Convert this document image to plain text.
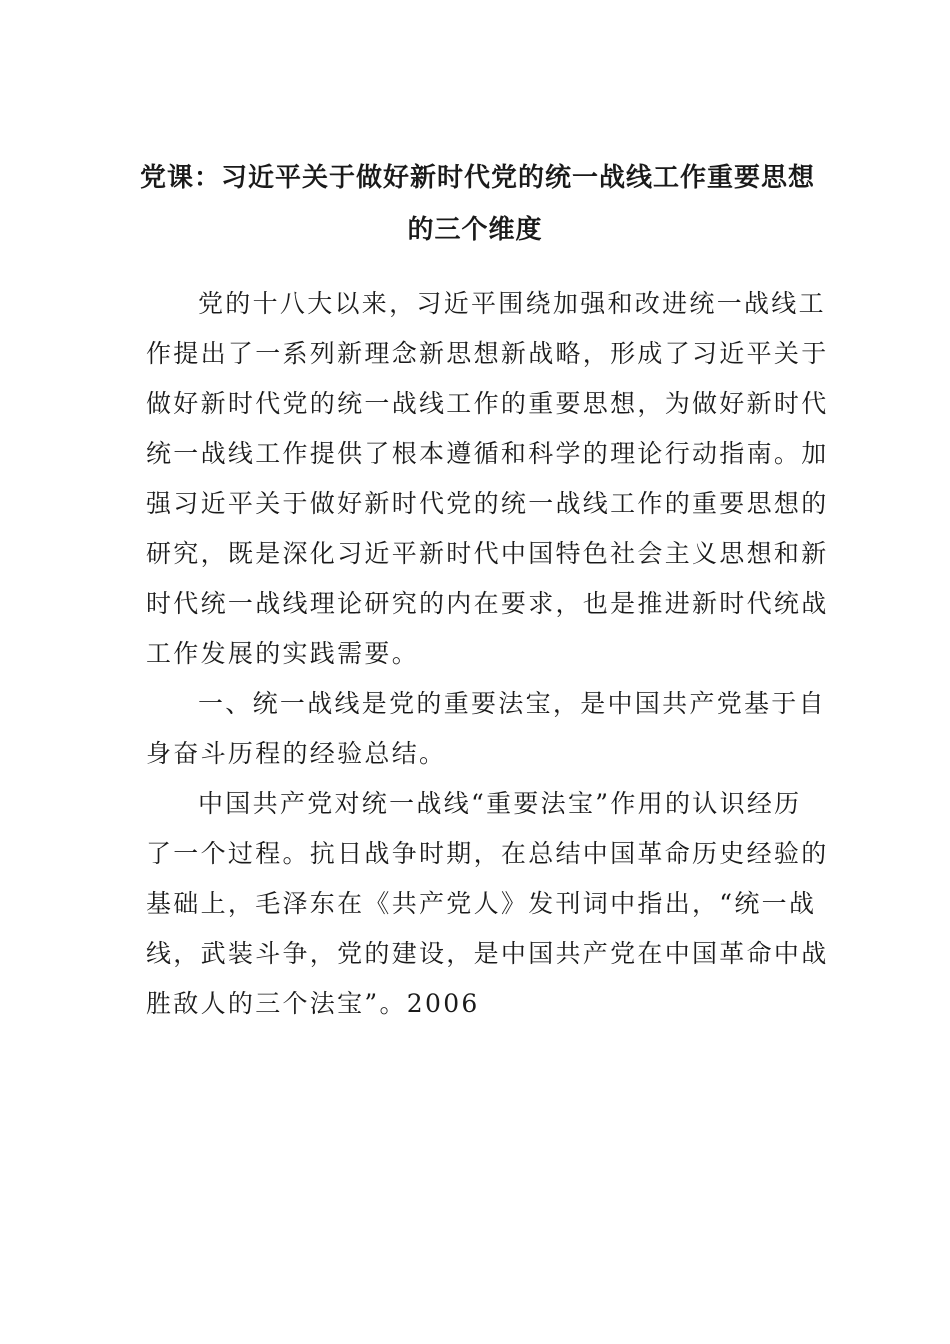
党课：习近平关于做好新时代党的统一战线工作重要思想
的三个维度
党的十八大以来，习近平围绕加强和改进统一战线工
作提出了一系列新理念新思想新战略，形成了习近平关于
做好新时代党的统一战线工作的重要思想，为做好新时代
统一战线工作提供了根本遵循和科学的理论行动指南。加
强习近平关于做好新时代党的统一战线工作的重要思想的
研究，既是深化习近平新时代中国特色社会主义思想和新
时代统一战线理论研究的内在要求，也是推进新时代统战
工作发展的实践需要。
一、统一战线是党的重要法宝，是中国共产党基于自
身奋斗历程的经验总结。
中国共产党对统一战线“重要法宝”作用的认识经历
了一个过程。抗日战争时期，在总结中国革命历史经验的
基础上，毛泽东在《共产党人》发刊词中指出，“统一战
线，武装斗争，党的建设，是中国共产党在中国革命中战
胜敌人的三个法宝”。2006
